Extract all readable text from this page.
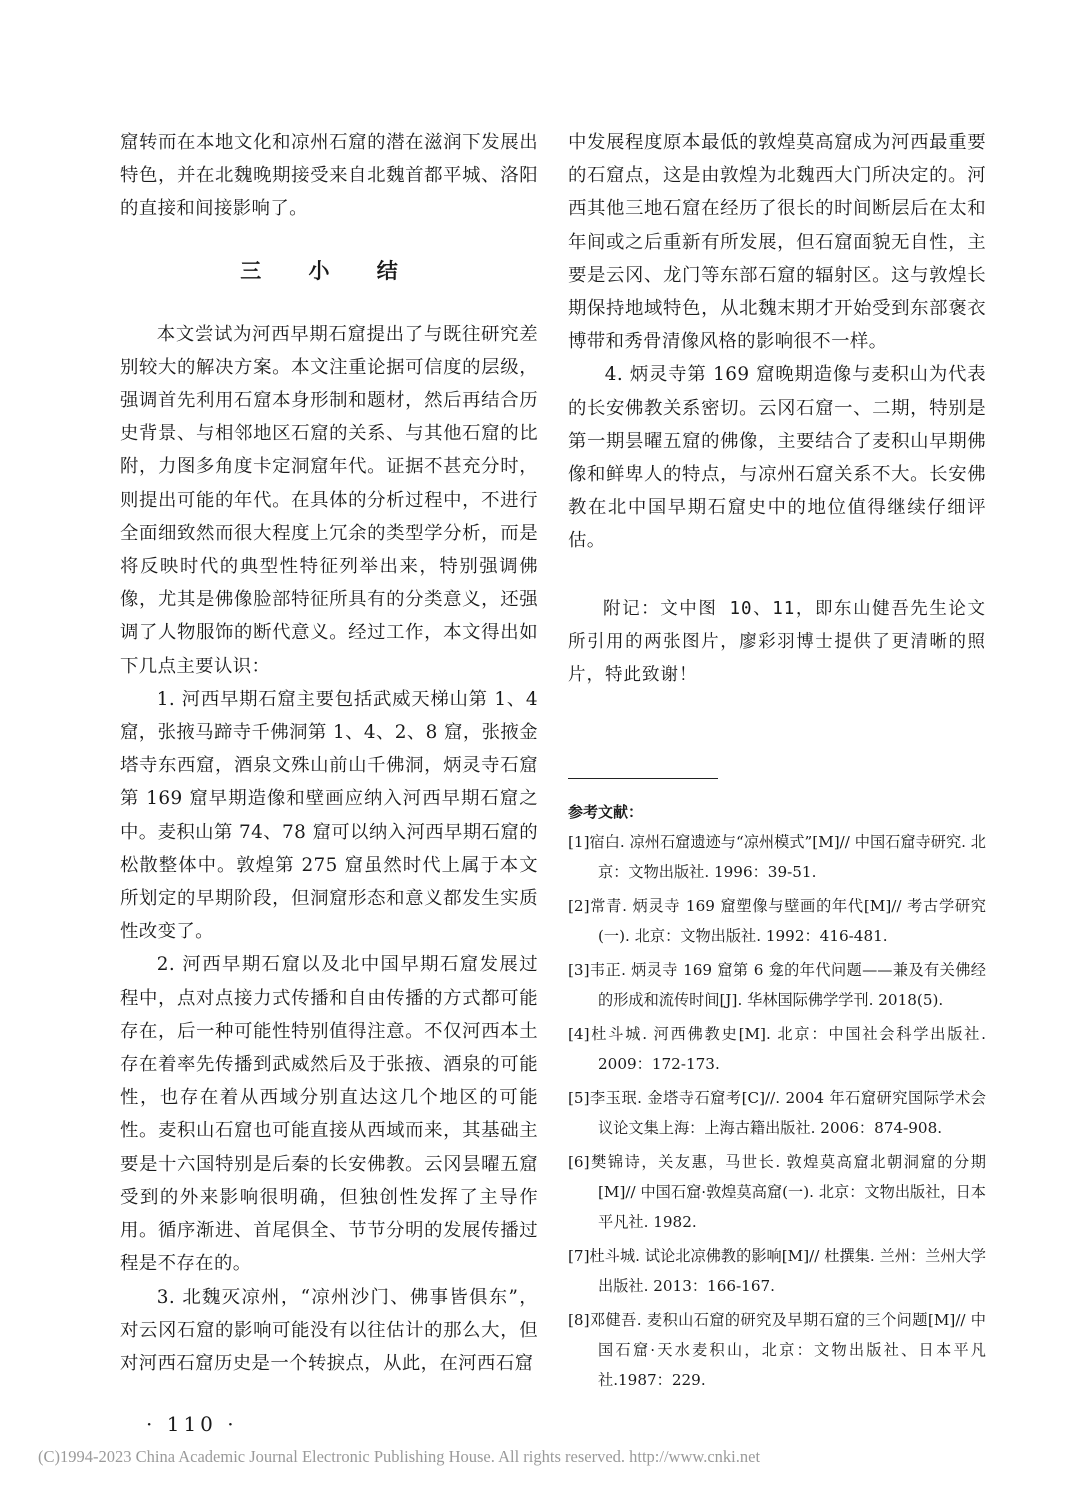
窟转而在本地文化和凉州石窟的潜在滋润下发展出特色，并在北魏晚期接受来自北魏首都平城、洛阳的直接和间接影响了。

三 小 结

本文尝试为河西早期石窟提出了与既往研究差别较大的解决方案。本文注重论据可信度的层级，强调首先利用石窟本身形制和题材，然后再结合历史背景、与相邻地区石窟的关系、与其他石窟的比附，力图多角度卡定洞窟年代。证据不甚充分时，则提出可能的年代。在具体的分析过程中，不进行全面细致然而很大程度上冗余的类型学分析，而是将反映时代的典型性特征列举出来，特别强调佛像，尤其是佛像脸部特征所具有的分类意义，还强调了人物服饰的断代意义。经过工作，本文得出如下几点主要认识：

1. 河西早期石窟主要包括武威天梯山第 1、4 窟，张掖马蹄寺千佛洞第 1、4、2、8 窟，张掖金塔寺东西窟，酒泉文殊山前山千佛洞，炳灵寺石窟第 169 窟早期造像和壁画应纳入河西早期石窟之中。麦积山第 74、78 窟可以纳入河西早期石窟的松散整体中。敦煌第 275 窟虽然时代上属于本文所划定的早期阶段，但洞窟形态和意义都发生实质性改变了。

2. 河西早期石窟以及北中国早期石窟发展过程中，点对点接力式传播和自由传播的方式都可能存在，后一种可能性特别值得注意。不仅河西本土存在着率先传播到武威然后及于张掖、酒泉的可能性，也存在着从西域分别直达这几个地区的可能性。麦积山石窟也可能直接从西域而来，其基础主要是十六国特别是后秦的长安佛教。云冈昙曜五窟受到的外来影响很明确，但独创性发挥了主导作用。循序渐进、首尾俱全、节节分明的发展传播过程是不存在的。

3. 北魏灭凉州，“凉州沙门、佛事皆俱东”，对云冈石窟的影响可能没有以往估计的那么大，但对河西石窟历史是一个转捩点，从此，在河西石窟

中发展程度原本最低的敦煌莫高窟成为河西最重要的石窟点，这是由敦煌为北魏西大门所决定的。河西其他三地石窟在经历了很长的时间断层后在太和年间或之后重新有所发展，但石窟面貌无自性，主要是云冈、龙门等东部石窟的辐射区。这与敦煌长期保持地域特色，从北魏末期才开始受到东部褒衣博带和秀骨清像风格的影响很不一样。

4. 炳灵寺第 169 窟晚期造像与麦积山为代表的长安佛教关系密切。云冈石窟一、二期，特别是第一期昙曜五窟的佛像，主要结合了麦积山早期佛像和鲜卑人的特点，与凉州石窟关系不大。长安佛教在北中国早期石窟史中的地位值得继续仔细评估。

附记：文中图 10、11，即东山健吾先生论文所引用的两张图片，廖彩羽博士提供了更清晰的照片，特此致谢！

参考文献：
[1]宿白. 凉州石窟遗迹与“凉州模式”[M]// 中国石窟寺研究. 北京：文物出版社. 1996：39-51.
[2]常青. 炳灵寺 169 窟塑像与壁画的年代[M]// 考古学研究(一). 北京：文物出版社. 1992：416-481.
[3]韦正. 炳灵寺 169 窟第 6 龛的年代问题——兼及有关佛经的形成和流传时间[J]. 华林国际佛学学刊. 2018(5).
[4]杜斗城. 河西佛教史[M]. 北京：中国社会科学出版社. 2009：172-173.
[5]李玉珉. 金塔寺石窟考[C]//. 2004 年石窟研究国际学术会议论文集上海：上海古籍出版社. 2006：874-908.
[6]樊锦诗，关友惠，马世长. 敦煌莫高窟北朝洞窟的分期[M]// 中国石窟·敦煌莫高窟(一). 北京：文物出版社，日本平凡社. 1982.
[7]杜斗城. 试论北凉佛教的影响[M]// 杜撰集. 兰州：兰州大学出版社. 2013：166-167.
[8]邓健吾. 麦积山石窟的研究及早期石窟的三个问题[M]// 中国石窟·天水麦积山，北京：文物出版社、日本平凡社.1987：229.
· 110 ·
(C)1994-2023 China Academic Journal Electronic Publishing House. All rights reserved. http://www.cnki.net
